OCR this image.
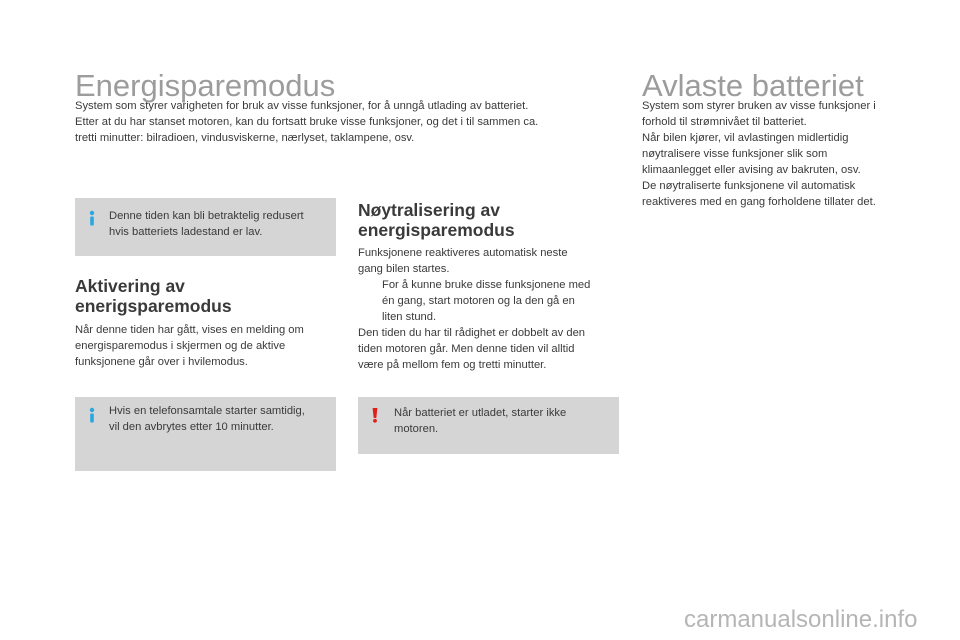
Energisparemodus

System som styrer varigheten for bruk av visse funksjoner, for å unngå utlading av batteriet.

Etter at du har stanset motoren, kan du fortsatt bruke visse funksjoner, og det i til sammen ca.

tretti minutter: bilradioen, vindusviskerne, nærlyset, taklampene, osv.

Denne tiden kan bli betraktelig redusert
hvis batteriets ladestand er lav.
Aktivering av
enerigsparemodus

Når denne tiden har gått, vises en melding om

energisparemodus i skjermen og de aktive

funksjonene går over i hvilemodus.

Hvis en telefonsamtale starter samtidig,
vil den avbrytes etter 10 minutter.
Nøytralisering av
energisparemodus

Funksjonene reaktiveres automatisk neste

gang bilen startes.

For å kunne bruke disse funksjonene med

én gang, start motoren og la den gå en

liten stund.

Den tiden du har til rådighet er dobbelt av den

tiden motoren går. Men denne tiden vil alltid

være på mellom fem og tretti minutter.

Når batteriet er utladet, starter ikke
motoren.
Avlaste batteriet

System som styrer bruken av visse funksjoner i

forhold til strømnivået til batteriet.

Når bilen kjører, vil avlastingen midlertidig

nøytralisere visse funksjoner slik som

klimaanlegget eller avising av bakruten, osv.

De nøytraliserte funksjonene vil automatisk

reaktiveres med en gang forholdene tillater det.

carmanualsonline.info
